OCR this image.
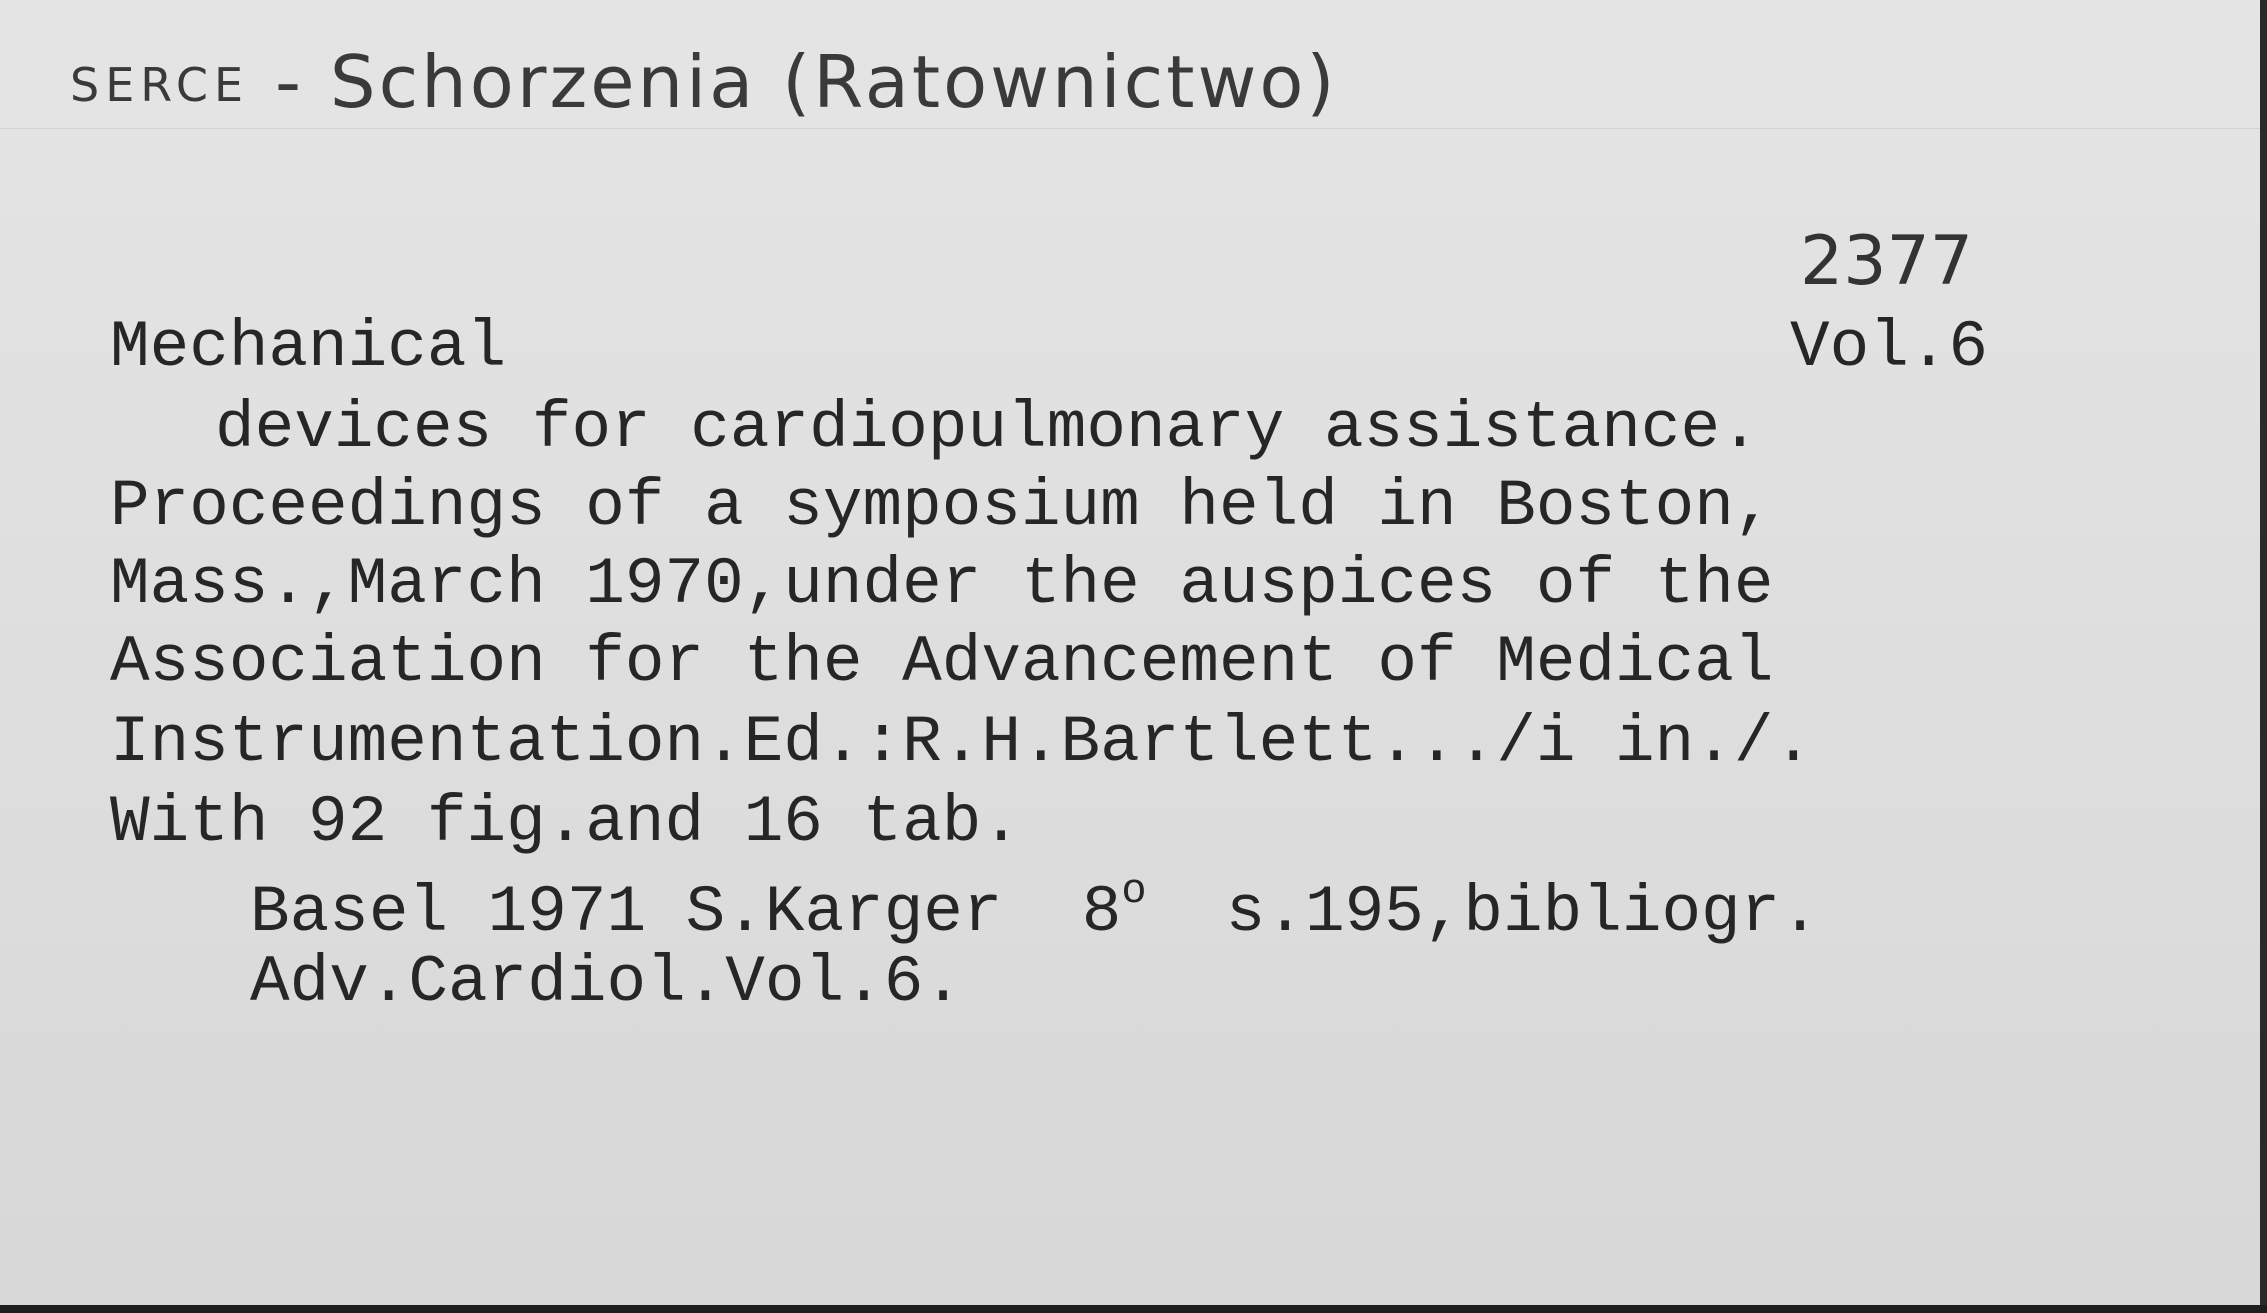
SERCE - Schorzenia (Ratownictwo)
2377
Vol.6
Mechanical
devices for cardiopulmonary assistance.
Proceedings of a symposium held in Boston,
Mass.,March 1970,under the auspices of the
Association for the Advancement of Medical
Instrumentation.Ed.:R.H.Bartlett.../i in./.
With 92 fig.and 16 tab.
Basel 1971 S.Karger  8$^o$  s.195,bibliogr.
Adv.Cardiol.Vol.6.
